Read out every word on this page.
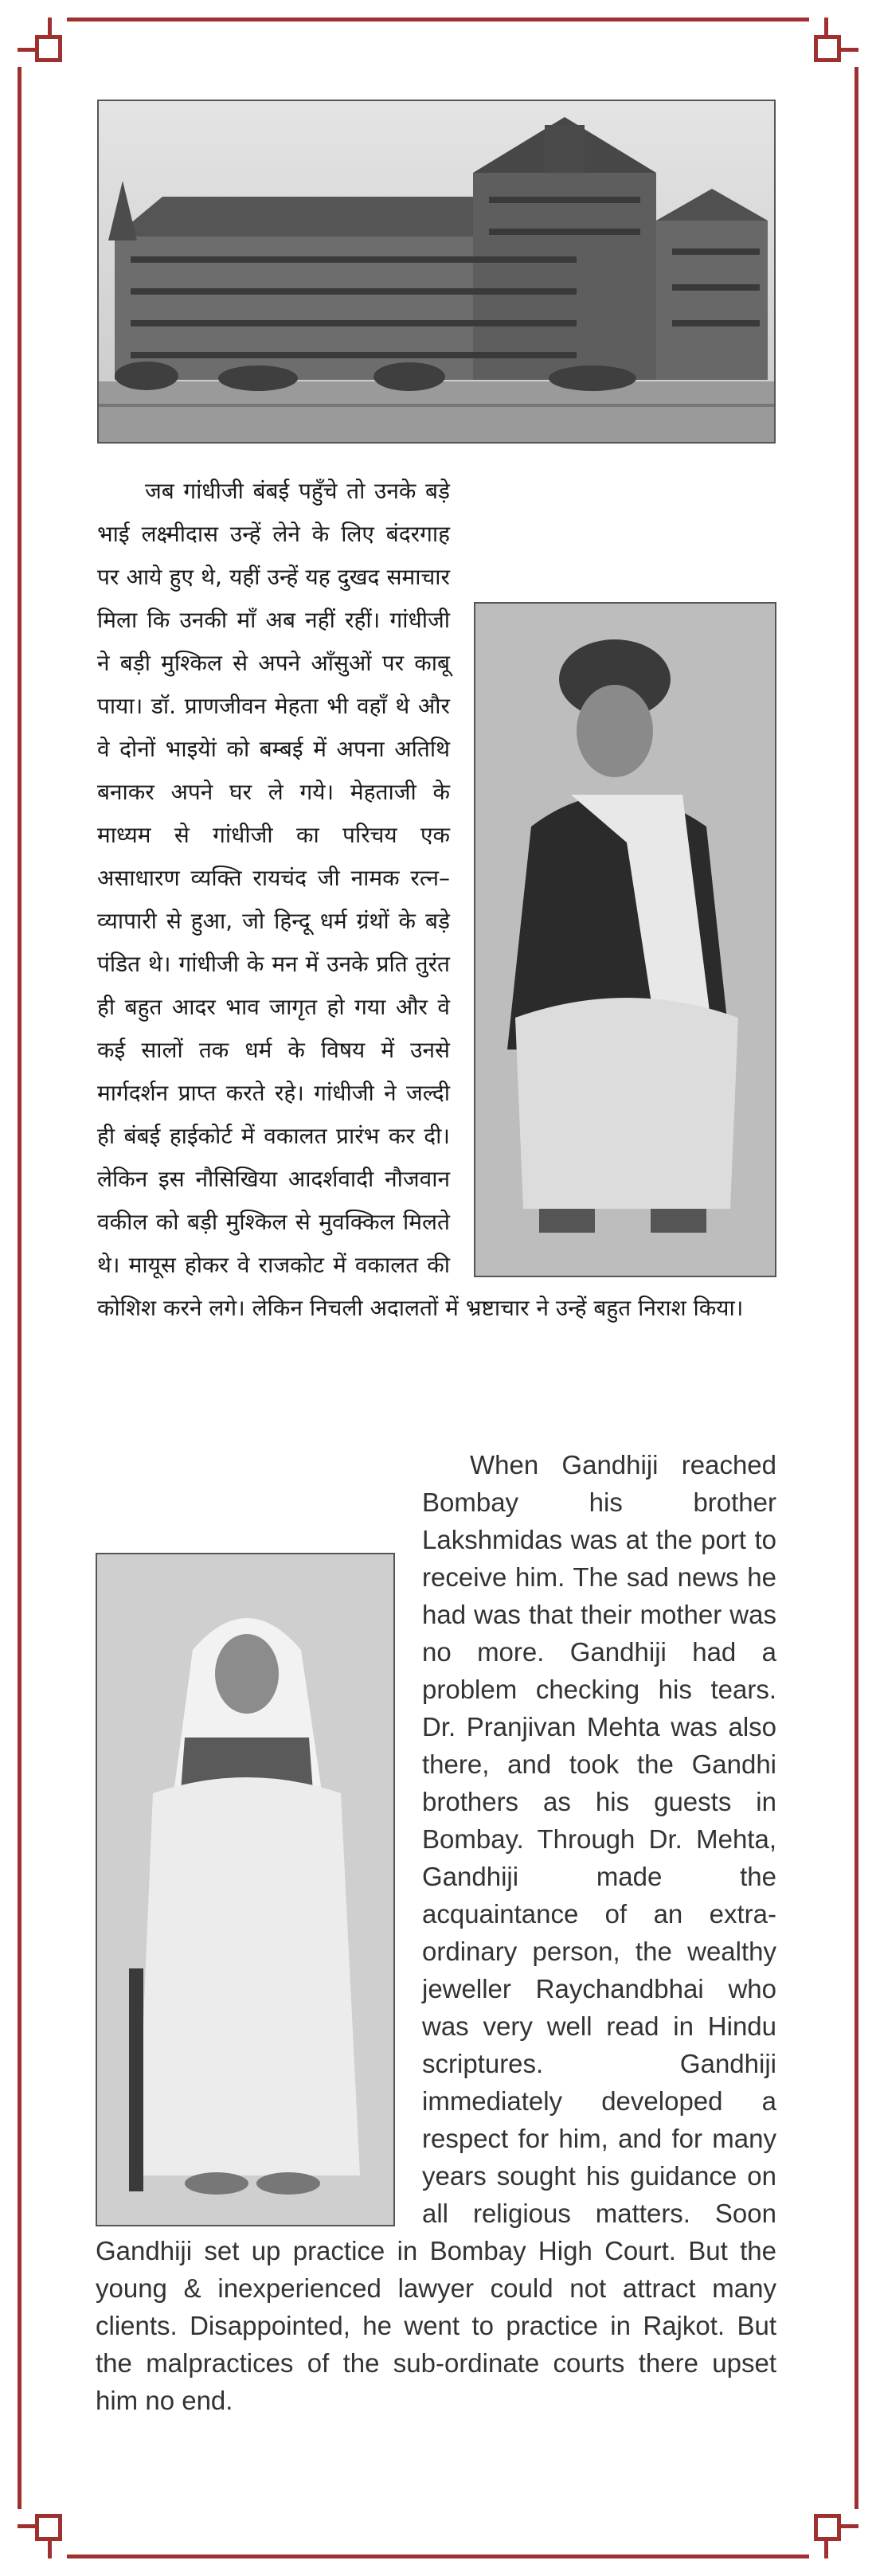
जब गांधीजी बंबई पहुँचे तो उनके बड़े भाई लक्ष्मीदास उन्हें लेने के लिए बंदरगाह पर आये हुए थे, यहीं उन्हें यह दुखद समाचार मिला कि उनकी माँ अब नहीं रहीं। गांधीजी ने बड़ी मुश्किल से अपने आँसुओं पर काबू पाया। डॉ. प्राणजीवन मेहता भी वहाँ थे और वे दोनों भाइयेां को बम्बई में अपना अतिथि बनाकर अपने घर ले गये। मेहताजी के माध्यम से गांधीजी का परिचय एक असाधारण व्यक्ति रायचंद जी नामक रत्न–व्यापारी से हुआ, जो हिन्दू धर्म ग्रंथों के बड़े पंडित थे। गांधीजी के मन में उनके प्रति तुरंत ही बहुत आदर भाव जागृत हो गया और वे कई सालों तक धर्म के विषय में उनसे मार्गदर्शन प्राप्त करते रहे। गांधीजी ने जल्दी ही बंबई हाईकोर्ट में वकालत प्रारंभ कर दी। लेकिन इस नौसिखिया आदर्शवादी नौजवान वकील को बड़ी मुश्किल से मुवक्किल मिलते थे। मायूस होकर वे राजकोट में वकालत की कोशिश करने लगे। लेकिन निचली अदालतों में भ्रष्टाचार ने उन्हें बहुत निराश किया।

When Gandhiji reached Bombay his brother Lakshmidas was at the port to receive him. The sad news he had was that their mother was no more. Gandhiji had a problem checking his tears. Dr. Pranjivan Mehta was also there, and took the Gandhi brothers as his guests in Bombay. Through Dr. Mehta, Gandhiji made the acquaintance of an extra-ordinary person, the wealthy jeweller Raychandbhai who was very well read in Hindu scriptures. Gandhiji immediately developed a respect for him, and for many years sought his guidance on all religious matters. Soon Gandhiji set up practice in Bombay High Court. But the young & inexperienced lawyer could not attract many clients. Disappointed, he went to practice in Rajkot. But the malpractices of the sub-ordinate courts there upset him no end.
